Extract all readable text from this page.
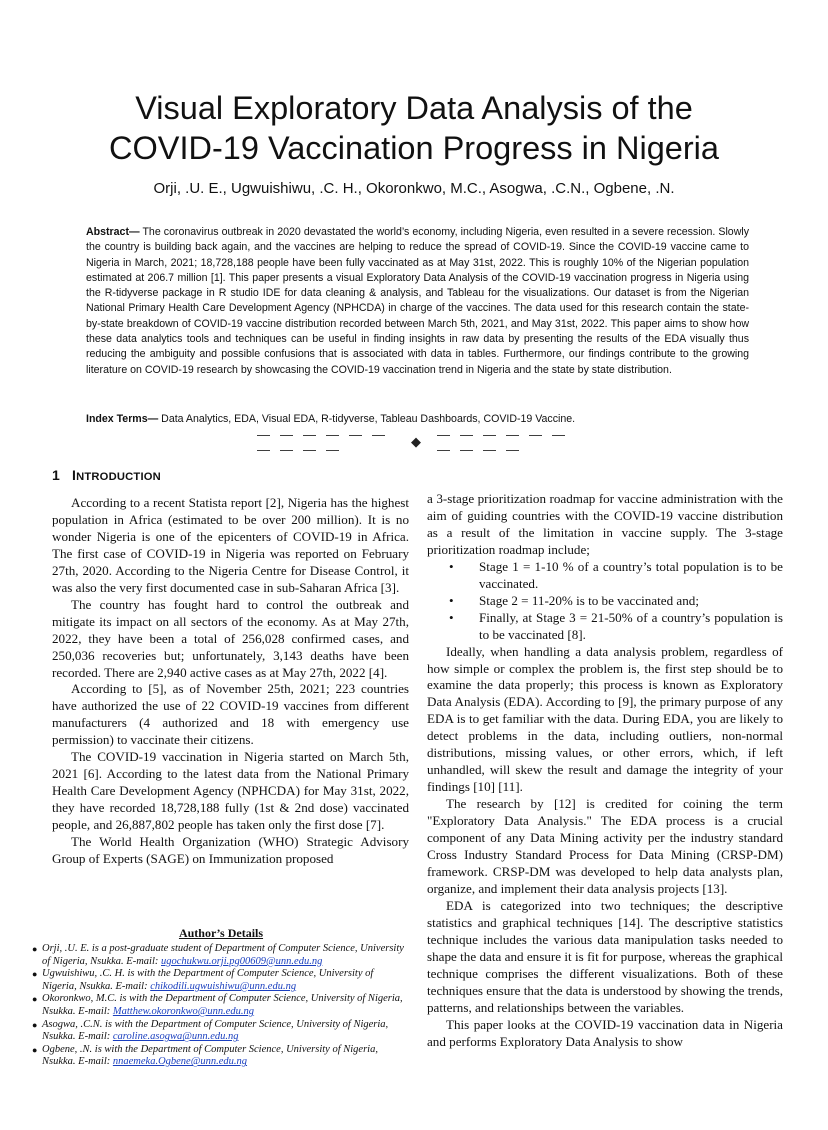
Visual Exploratory Data Analysis of the
COVID-19 Vaccination Progress in Nigeria
Orji, .U. E., Ugwuishiwu, .C. H., Okoronkwo, M.C., Asogwa, .C.N., Ogbene, .N.

Abstract— The coronavirus outbreak in 2020 devastated the world’s economy, including Nigeria, even resulted in a severe recession. Slowly the country is building back again, and the vaccines are helping to reduce the spread of COVID-19. Since the COVID-19 vaccine came to Nigeria in March, 2021; 18,728,188 people have been fully vaccinated as at May 31st, 2022. This is roughly 10% of the Nigerian population estimated at 206.7 million [1]. This paper presents a visual Exploratory Data Analysis of the COVID-19 vaccination progress in Nigeria using the R-tidyverse package in R studio IDE for data cleaning & analysis, and Tableau for the visualizations. Our dataset is from the Nigerian National Primary Health Care Development Agency (NPHCDA) in charge of the vaccines. The data used for this research contain the state-by-state breakdown of COVID-19 vaccine distribution recorded between March 5th, 2021, and May 31st, 2022. This paper aims to show how these data analytics tools and techniques can be useful in finding insights in raw data by presenting the results of the EDA visually thus reducing the ambiguity and possible confusions that is associated with data in tables. Furthermore, our findings contribute to the growing literature on COVID-19 research by showcasing the COVID-19 vaccination trend in Nigeria and the state by state distribution.

Index Terms— Data Analytics, EDA, Visual EDA, R-tidyverse, Tableau Dashboards, COVID-19 Vaccine.

— — — — — — — — — —
◆ — — — — — — — — — —
1 INTRODUCTION

According to a recent Statista report [2], Nigeria has the highest population in Africa (estimated to be over 200 million). It is no wonder Nigeria is one of the epicenters of COVID-19 in Africa. The first case of COVID-19 in Nigeria was reported on February 27th, 2020. According to the Nigeria Centre for Disease Control, it was also the very first documented case in sub-Saharan Africa [3].

The country has fought hard to control the outbreak and mitigate its impact on all sectors of the economy. As at May 27th, 2022, they have been a total of 256,028 confirmed cases, and 250,036 recoveries but; unfortunately, 3,143 deaths have been recorded. There are 2,940 active cases as at May 27th, 2022 [4].

According to [5], as of November 25th, 2021; 223 countries have authorized the use of 22 COVID-19 vaccines from different manufacturers (4 authorized and 18 with emergency use permission) to vaccinate their citizens.

The COVID-19 vaccination in Nigeria started on March 5th, 2021 [6]. According to the latest data from the National Primary Health Care Development Agency (NPHCDA) for May 31st, 2022, they have recorded 18,728,188 fully (1st & 2nd dose) vaccinated people, and 26,887,802 people has taken only the first dose [7].

The World Health Organization (WHO) Strategic Advisory Group of Experts (SAGE) on Immunization proposed

a 3-stage prioritization roadmap for vaccine administration with the aim of guiding countries with the COVID-19 vaccine distribution as a result of the limitation in vaccine supply. The 3-stage prioritization roadmap include;

• Stage 1 = 1-10 % of a country’s total population is to be vaccinated.
• Stage 2 = 11-20% is to be vaccinated and;
• Finally, at Stage 3 = 21-50% of a country’s population is to be vaccinated [8].

Ideally, when handling a data analysis problem, regardless of how simple or complex the problem is, the first step should be to examine the data properly; this process is known as Exploratory Data Analysis (EDA). According to [9], the primary purpose of any EDA is to get familiar with the data. During EDA, you are likely to detect problems in the data, including outliers, non-normal distributions, missing values, or other errors, which, if left unhandled, will skew the result and damage the integrity of your findings [10] [11].

The research by [12] is credited for coining the term "Exploratory Data Analysis." The EDA process is a crucial component of any Data Mining activity per the industry standard Cross Industry Standard Process for Data Mining (CRSP-DM) framework. CRSP-DM was developed to help data analysts plan, organize, and implement their data analysis projects [13].

EDA is categorized into two techniques; the descriptive statistics and graphical techniques [14]. The descriptive statistics technique includes the various data manipulation tasks needed to shape the data and ensure it is fit for purpose, whereas the graphical technique comprises the different visualizations. Both of these techniques ensure that the data is understood by showing the trends, patterns, and relationships between the variables.

This paper looks at the COVID-19 vaccination data in Nigeria and performs Exploratory Data Analysis to show

Author’s Details
● Orji, .U. E. is a post-graduate student of Department of Computer Science, University of Nigeria, Nsukka. E-mail: ugochukwu.orji.pg00609@unn.edu.ng
● Ugwuishiwu, .C. H. is with the Department of Computer Science, University of Nigeria, Nsukka. E-mail: chikodili.ugwuishiwu@unn.edu.ng
● Okoronkwo, M.C. is with the Department of Computer Science, University of Nigeria, Nsukka. E-mail: Matthew.okoronkwo@unn.edu.ng
● Asogwa, .C.N. is with the Department of Computer Science, University of Nigeria, Nsukka. E-mail: caroline.asogwa@unn.edu.ng
● Ogbene, .N. is with the Department of Computer Science, University of Nigeria, Nsukka. E-mail: nnaemeka.Ogbene@unn.edu.ng
